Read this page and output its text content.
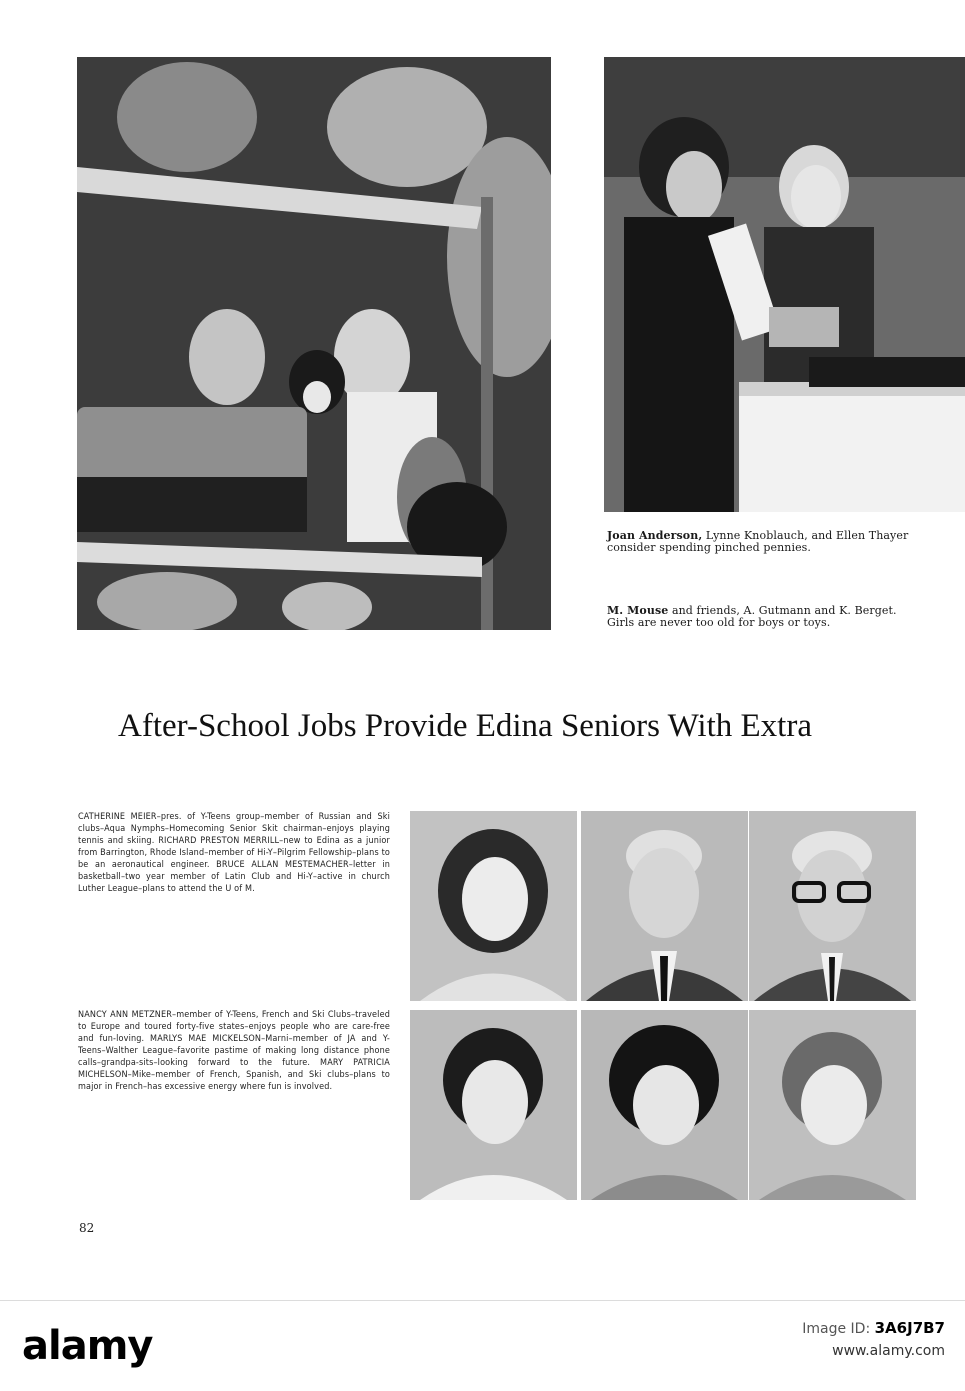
Joan Anderson, Lynne Knoblauch, and Ellen Thayer consider spending pinched pennies.
M. Mouse and friends, A. Gutmann and K. Berget. Girls are never too old for boys or toys.
After-School Jobs Provide Edina Seniors With Extra
CATHERINE MEIER–pres. of Y-Teens group–member of Russian and Ski clubs–Aqua Nymphs–Homecoming Senior Skit chairman–enjoys playing tennis and skiing. RICHARD PRESTON MERRILL–new to Edina as a junior from Barrington, Rhode Island–member of Hi-Y–Pilgrim Fellowship–plans to be an aeronautical engineer. BRUCE ALLAN MESTEMACHER–letter in basketball–two year member of Latin Club and Hi-Y–active in church Luther League–plans to attend the U of M.
NANCY ANN METZNER–member of Y-Teens, French and Ski Clubs–traveled to Europe and toured forty-five states–enjoys people who are care-free and fun-loving. MARLYS MAE MICKELSON–Marni–member of JA and Y-Teens–Walther League–favorite pastime of making long distance phone calls–grandpa-sits–looking forward to the future. MARY PATRICIA MICHELSON–Mike–member of French, Spanish, and Ski clubs–plans to major in French–has excessive energy where fun is involved.
82
alamy	Image ID: 3A6J7B7
www.alamy.com
